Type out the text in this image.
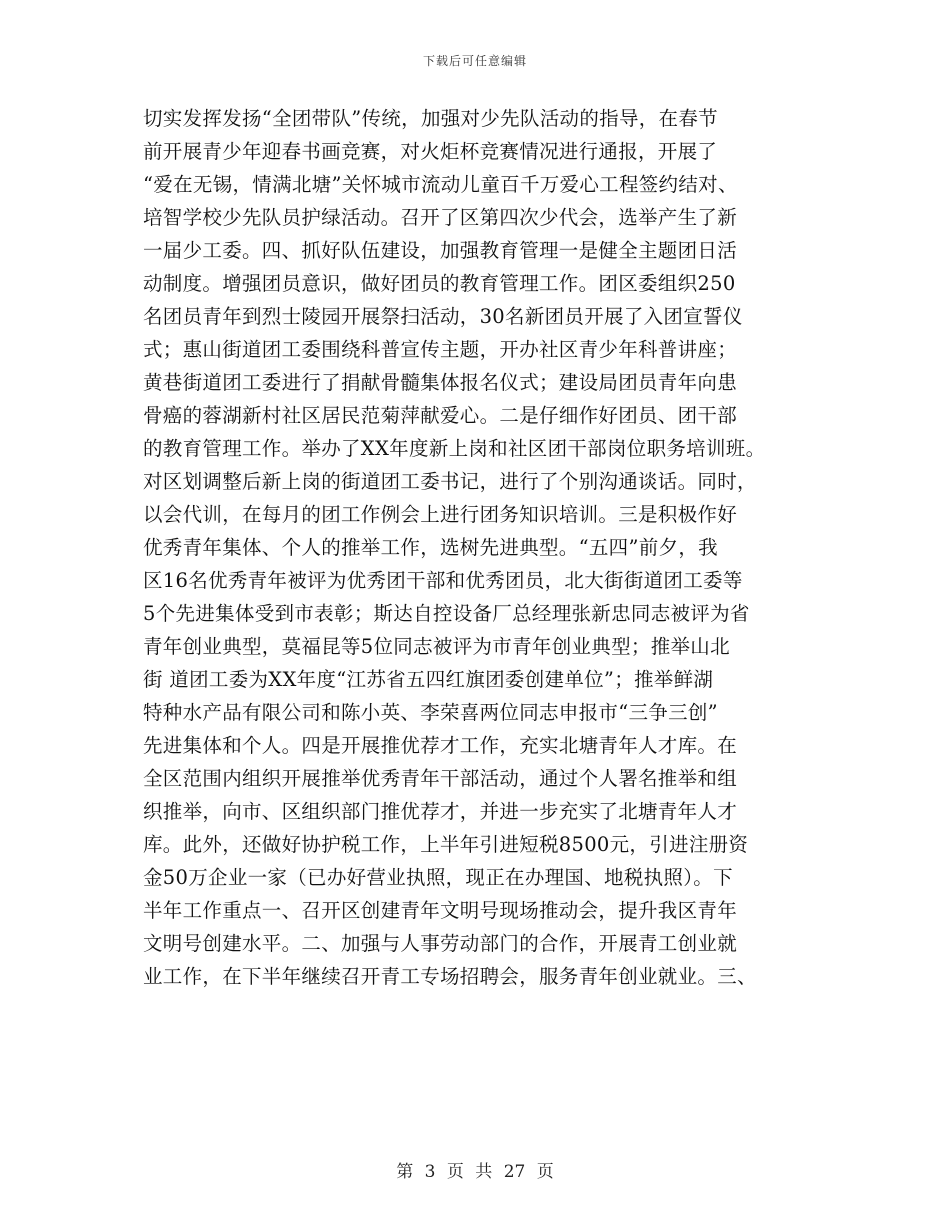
下载后可任意编辑
切实发挥发扬“全团带队”传统，加强对少先队活动的指导，在春节
前开展青少年迎春书画竞赛，对火炬杯竞赛情况进行通报，开展了
“爱在无锡，情满北塘”关怀城市流动儿童百千万爱心工程签约结对、
培智学校少先队员护绿活动。召开了区第四次少代会，选举产生了新
一届少工委。四、抓好队伍建设，加强教育管理一是健全主题团日活
动制度。增强团员意识，做好团员的教育管理工作。团区委组织250
名团员青年到烈士陵园开展祭扫活动，30名新团员开展了入团宣誓仪
式；惠山街道团工委围绕科普宣传主题，开办社区青少年科普讲座；
黄巷街道团工委进行了捐献骨髓集体报名仪式；建设局团员青年向患
骨癌的蓉湖新村社区居民范菊萍献爱心。二是仔细作好团员、团干部
的教育管理工作。举办了XX年度新上岗和社区团干部岗位职务培训班。
对区划调整后新上岗的街道团工委书记，进行了个别沟通谈话。同时，
以会代训，在每月的团工作例会上进行团务知识培训。三是积极作好
优秀青年集体、个人的推举工作，选树先进典型。“五四”前夕，我
区16名优秀青年被评为优秀团干部和优秀团员，北大街街道团工委等
5个先进集体受到市表彰；斯达自控设备厂总经理张新忠同志被评为省
青年创业典型，莫福昆等5位同志被评为市青年创业典型；推举山北
街 道团工委为XX年度“江苏省五四红旗团委创建单位”；推举鲜湖
特种水产品有限公司和陈小英、李荣喜两位同志申报市“三争三创”
先进集体和个人。四是开展推优荐才工作，充实北塘青年人才库。在
全区范围内组织开展推举优秀青年干部活动，通过个人署名推举和组
织推举，向市、区组织部门推优荐才，并进一步充实了北塘青年人才
库。此外，还做好协护税工作，上半年引进短税8500元，引进注册资
金50万企业一家（已办好营业执照，现正在办理国、地税执照）。下
半年工作重点一、召开区创建青年文明号现场推动会，提升我区青年
文明号创建水平。二、加强与人事劳动部门的合作，开展青工创业就
业工作，在下半年继续召开青工专场招聘会，服务青年创业就业。三、
第 3 页 共 27 页
